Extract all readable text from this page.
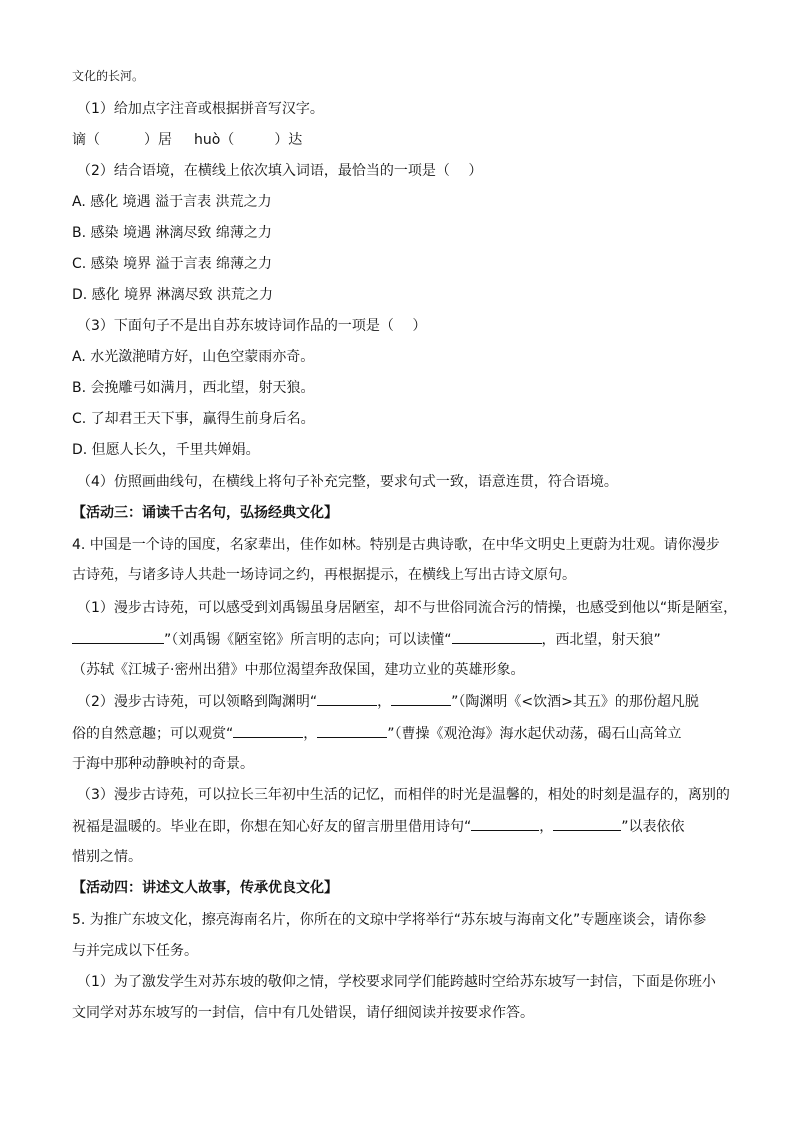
文化的长河。
（1）给加点字注音或根据拼音写汉字。
谪（	）居 huò（	）达
（2）结合语境，在横线上依次填入词语，最恰当的一项是（　 ）
A. 感化 境遇 溢于言表 洪荒之力
B. 感染 境遇 淋漓尽致 绵薄之力
C. 感染 境界 溢于言表 绵薄之力
D. 感化 境界 淋漓尽致 洪荒之力
（3）下面句子不是出自苏东坡诗词作品的一项是（　 ）
A. 水光潋滟晴方好，山色空蒙雨亦奇。
B. 会挽雕弓如满月，西北望，射天狼。
C. 了却君王天下事，赢得生前身后名。
D. 但愿人长久，千里共婵娟。
（4）仿照画曲线句，在横线上将句子补充完整，要求句式一致，语意连贯，符合语境。
【活动三：诵读千古名句，弘扬经典文化】
4. 中国是一个诗的国度，名家辈出，佳作如林。特别是古典诗歌，在中华文明史上更蔚为壮观。请你漫步
古诗苑，与诸多诗人共赴一场诗词之约，再根据提示，在横线上写出古诗文原句。
（1）漫步古诗苑，可以感受到刘禹锡虽身居陋室，却不与世俗同流合污的情操，也感受到他以“斯是陋室，
”（刘禹锡《陋室铭》所言明的志向；可以读懂“	，西北望，射天狼”
（苏轼《江城子·密州出猎》中那位渴望奔敌保国，建功立业的英雄形象。
（2）漫步古诗苑，可以领略到陶渊明“	，	”（陶渊明《<饮酒>其五》的那份超凡脱
俗的自然意趣；可以观赏“	，	”（曹操《观沧海》海水起伏动荡，碣石山高耸立
于海中那种动静映衬的奇景。
（3）漫步古诗苑，可以拉长三年初中生活的记忆，而相伴的时光是温馨的，相处的时刻是温存的，离别的
祝福是温暖的。毕业在即，你想在知心好友的留言册里借用诗句“	，	”以表依依
惜别之情。
【活动四：讲述文人故事，传承优良文化】
5. 为推广东坡文化，擦亮海南名片，你所在的文琼中学将举行“苏东坡与海南文化”专题座谈会，请你参
与并完成以下任务。
（1）为了激发学生对苏东坡的敬仰之情，学校要求同学们能跨越时空给苏东坡写一封信，下面是你班小
文同学对苏东坡写的一封信，信中有几处错误，请仔细阅读并按要求作答。
